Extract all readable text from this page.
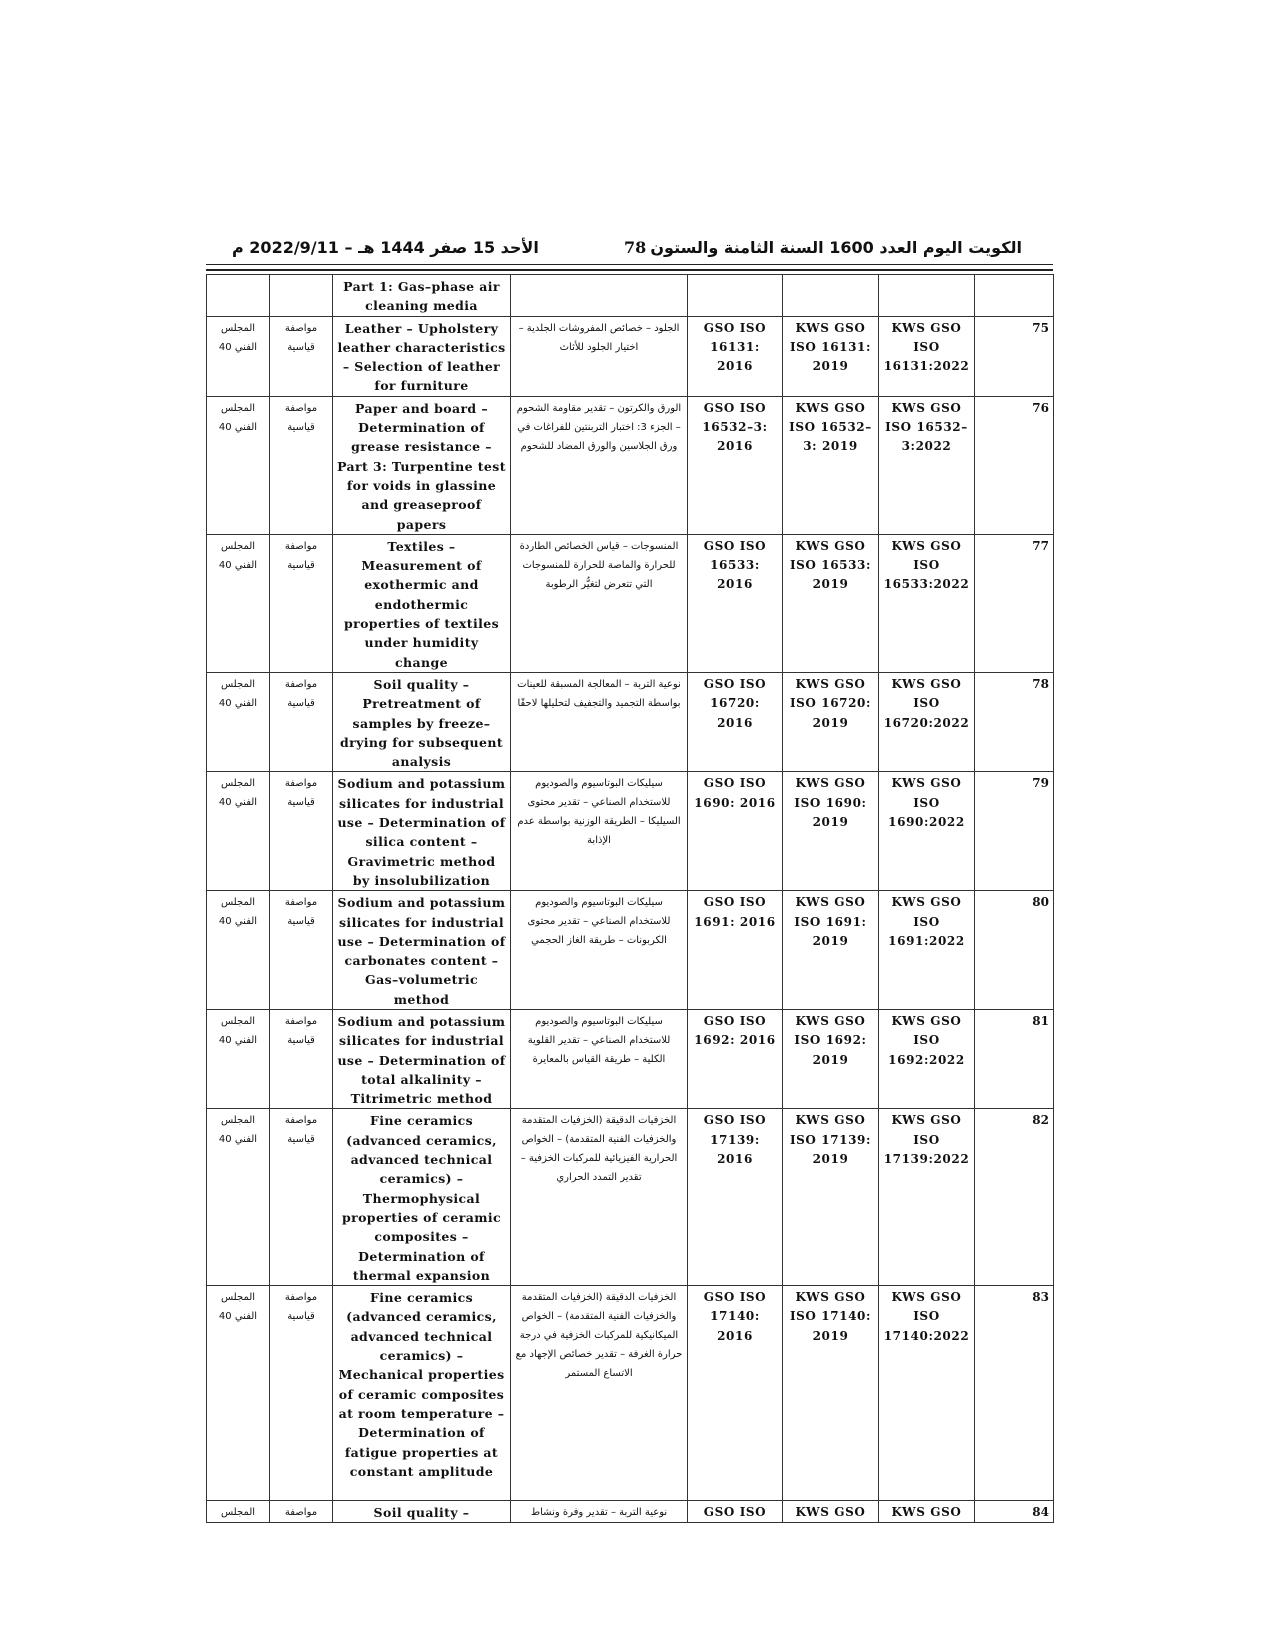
الكويت اليوم العدد 1600 السنة الثامنة والستون
78
الأحد 15 صفر 1444 هـ – 2022/9/11 م
		Part 1: Gas–phase air cleaning media					
المجلس الفني 40	مواصفة قياسية	Leather – Upholstery leather characteristics – Selection of leather for furniture	الجلود – خصائص المفروشات الجلدية – اختيار الجلود للأثاث	GSO ISO 16131: 2016	KWS GSO ISO 16131: 2019	KWS GSO ISO 16131:2022	75
المجلس الفني 40	مواصفة قياسية	Paper and board – Determination of grease resistance – Part 3: Turpentine test for voids in glassine and greaseproof papers	الورق والكرتون – تقدير مقاومة الشحوم – الجزء 3: اختبار التربنتين للفراغات في ورق الجلاسين والورق المضاد للشحوم	GSO ISO 16532–3: 2016	KWS GSO ISO 16532– 3: 2019	KWS GSO ISO 16532– 3:2022	76
المجلس الفني 40	مواصفة قياسية	Textiles – Measurement of exothermic and endothermic properties of textiles under humidity change	المنسوجات – قياس الخصائص الطاردة للحرارة والماصة للحرارة للمنسوجات التي تتعرض لتغيُّر الرطوبة	GSO ISO 16533: 2016	KWS GSO ISO 16533: 2019	KWS GSO ISO 16533:2022	77
المجلس الفني 40	مواصفة قياسية	Soil quality – Pretreatment of samples by freeze–drying for subsequent analysis	نوعية التربة – المعالجة المسبقة للعينات بواسطة التجميد والتجفيف لتحليلها لاحقًا	GSO ISO 16720: 2016	KWS GSO ISO 16720: 2019	KWS GSO ISO 16720:2022	78
المجلس الفني 40	مواصفة قياسية	Sodium and potassium silicates for industrial use – Determination of silica content – Gravimetric method by insolubilization	سيليكات البوتاسيوم والصوديوم للاستخدام الصناعي – تقدير محتوى السيليكا – الطريقة الوزنية بواسطة عدم الإذابة	GSO ISO 1690: 2016	KWS GSO ISO 1690: 2019	KWS GSO ISO 1690:2022	79
المجلس الفني 40	مواصفة قياسية	Sodium and potassium silicates for industrial use – Determination of carbonates content – Gas–volumetric method	سيليكات البوتاسيوم والصوديوم للاستخدام الصناعي – تقدير محتوى الكربونات – طريقة الغاز الحجمي	GSO ISO 1691: 2016	KWS GSO ISO 1691: 2019	KWS GSO ISO 1691:2022	80
المجلس الفني 40	مواصفة قياسية	Sodium and potassium silicates for industrial use – Determination of total alkalinity – Titrimetric method	سيليكات البوتاسيوم والصوديوم للاستخدام الصناعي – تقدير القلوية الكلية – طريقة القياس بالمعايرة	GSO ISO 1692: 2016	KWS GSO ISO 1692: 2019	KWS GSO ISO 1692:2022	81
المجلس الفني 40	مواصفة قياسية	Fine ceramics (advanced ceramics, advanced technical ceramics) – Thermophysical properties of ceramic composites – Determination of thermal expansion	الخزفيات الدقيقة (الخزفيات المتقدمة والخزفيات الفنية المتقدمة) – الخواص الحرارية الفيزيائية للمركبات الخزفية – تقدير التمدد الحراري	GSO ISO 17139: 2016	KWS GSO ISO 17139: 2019	KWS GSO ISO 17139:2022	82
المجلس الفني 40	مواصفة قياسية	Fine ceramics (advanced ceramics, advanced technical ceramics) – Mechanical properties of ceramic composites at room temperature – Determination of fatigue properties at constant amplitude	الخزفيات الدقيقة (الخزفيات المتقدمة والخزفيات الفنية المتقدمة) – الخواص الميكانيكية للمركبات الخزفية في درجة حرارة الغرفة – تقدير خصائص الإجهاد مع الاتساع المستمر	GSO ISO 17140: 2016	KWS GSO ISO 17140: 2019	KWS GSO ISO 17140:2022	83
المجلس	مواصفة	Soil quality –	نوعية التربة – تقدير وفرة ونشاط	GSO ISO	KWS GSO	KWS GSO	84
